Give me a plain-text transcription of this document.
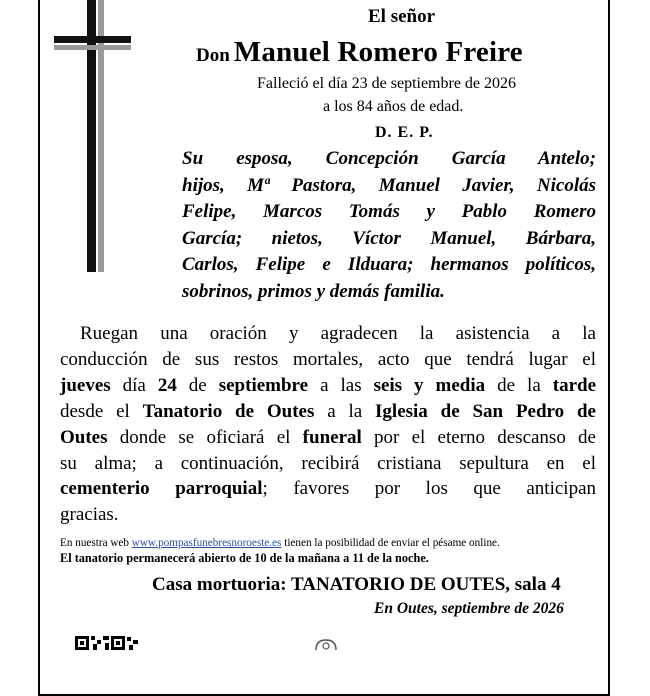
El señor
Don Manuel Romero Freire
Falleció el día 23 de septiembre de 2026
a los 84 años de edad.
D. E. P.

Su esposa, Concepción García Antelo;
hijos, Mª Pastora, Manuel Javier, Nicolás
Felipe, Marcos Tomás y Pablo Romero
García; nietos, Víctor Manuel, Bárbara,
Carlos, Felipe e Ilduara; hermanos políticos,
sobrinos, primos y demás familia.

Ruegan una oración y agradecen la asistencia a la
conducción de sus restos mortales, acto que tendrá lugar el
jueves día 24 de septiembre a las seis y media de la tarde
desde el Tanatorio de Outes a la Iglesia de San Pedro de
Outes donde se oficiará el funeral por el eterno descanso de
su alma; a continuación, recibirá cristiana sepultura en el
cementerio parroquial; favores por los que anticipan
gracias.

En nuestra web www.pompasfunebresnoroeste.es tienen la posibilidad de enviar el pésame online.
El tanatorio permanecerá abierto de 10 de la mañana a 11 de la noche.
Casa mortuoria: TANATORIO DE OUTES, sala 4
En Outes, septiembre de 2026
